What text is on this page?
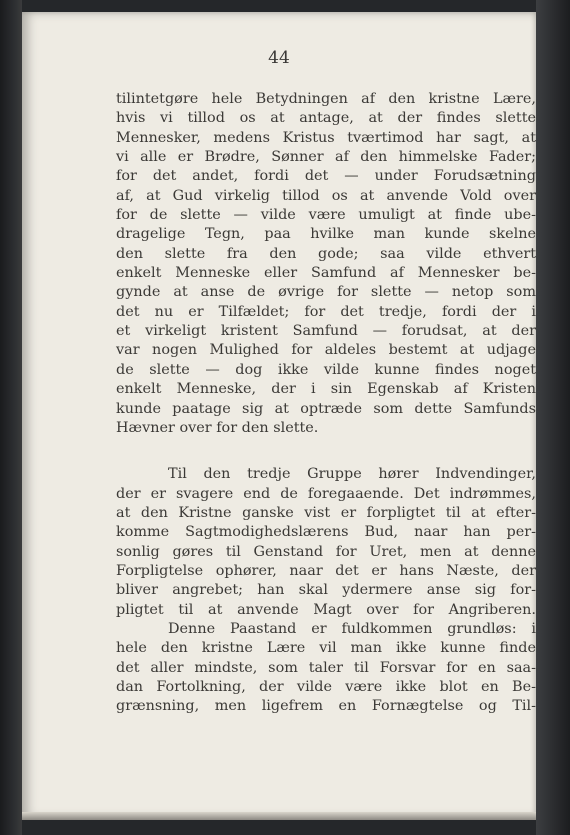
44
tilintetgøre hele Betydningen af den kristne Lære,
hvis vi tillod os at antage, at der findes slette
Mennesker, medens Kristus tværtimod har sagt, at
vi alle er Brødre, Sønner af den himmelske Fader;
for det andet, fordi det — under Forudsætning
af, at Gud virkelig tillod os at anvende Vold over
for de slette — vilde være umuligt at finde ube-
dragelige Tegn, paa hvilke man kunde skelne
den slette fra den gode; saa vilde ethvert
enkelt Menneske eller Samfund af Mennesker be-
gynde at anse de øvrige for slette — netop som
det nu er Tilfældet; for det tredje, fordi der i
et virkeligt kristent Samfund — forudsat, at der
var nogen Mulighed for aldeles bestemt at udjage
de slette — dog ikke vilde kunne findes noget
enkelt Menneske, der i sin Egenskab af Kristen
kunde paatage sig at optræde som dette Samfunds
Hævner over for den slette.
Til den tredje Gruppe hører Indvendinger,
der er svagere end de foregaaende. Det indrømmes,
at den Kristne ganske vist er forpligtet til at efter-
komme Sagtmodighedslærens Bud, naar han per-
sonlig gøres til Genstand for Uret, men at denne
Forpligtelse ophører, naar det er hans Næste, der
bliver angrebet; han skal ydermere anse sig for-
pligtet til at anvende Magt over for Angriberen.
Denne Paastand er fuldkommen grundløs: i
hele den kristne Lære vil man ikke kunne finde
det aller mindste, som taler til Forsvar for en saa-
dan Fortolkning, der vilde være ikke blot en Be-
grænsning, men ligefrem en Fornægtelse og Til-
